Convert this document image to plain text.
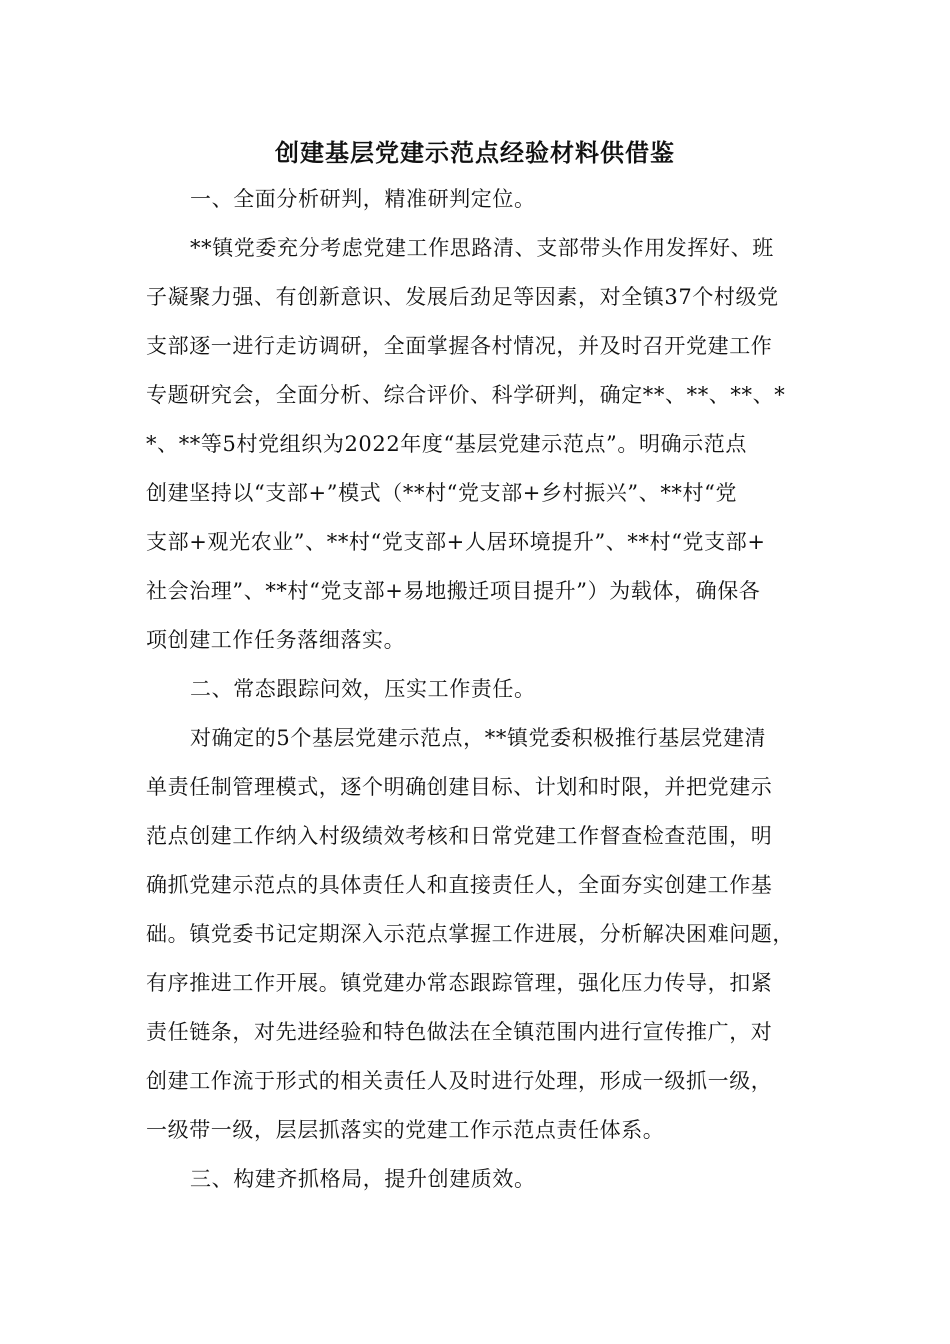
创建基层党建示范点经验材料供借鉴
一、全面分析研判，精准研判定位。
**镇党委充分考虑党建工作思路清、支部带头作用发挥好、班
子凝聚力强、有创新意识、发展后劲足等因素，对全镇37个村级党
支部逐一进行走访调研，全面掌握各村情况，并及时召开党建工作
专题研究会，全面分析、综合评价、科学研判，确定**、**、**、*
*、**等5村党组织为2022年度“基层党建示范点”。明确示范点
创建坚持以“支部+”模式（**村“党支部+乡村振兴”、**村“党
支部+观光农业”、**村“党支部+人居环境提升”、**村“党支部+
社会治理”、**村“党支部+易地搬迁项目提升”）为载体，确保各
项创建工作任务落细落实。
二、常态跟踪问效，压实工作责任。
对确定的5个基层党建示范点，**镇党委积极推行基层党建清
单责任制管理模式，逐个明确创建目标、计划和时限，并把党建示
范点创建工作纳入村级绩效考核和日常党建工作督查检查范围，明
确抓党建示范点的具体责任人和直接责任人，全面夯实创建工作基
础。镇党委书记定期深入示范点掌握工作进展，分析解决困难问题，
有序推进工作开展。镇党建办常态跟踪管理，强化压力传导，扣紧
责任链条，对先进经验和特色做法在全镇范围内进行宣传推广，对
创建工作流于形式的相关责任人及时进行处理，形成一级抓一级，
一级带一级，层层抓落实的党建工作示范点责任体系。
三、构建齐抓格局，提升创建质效。
